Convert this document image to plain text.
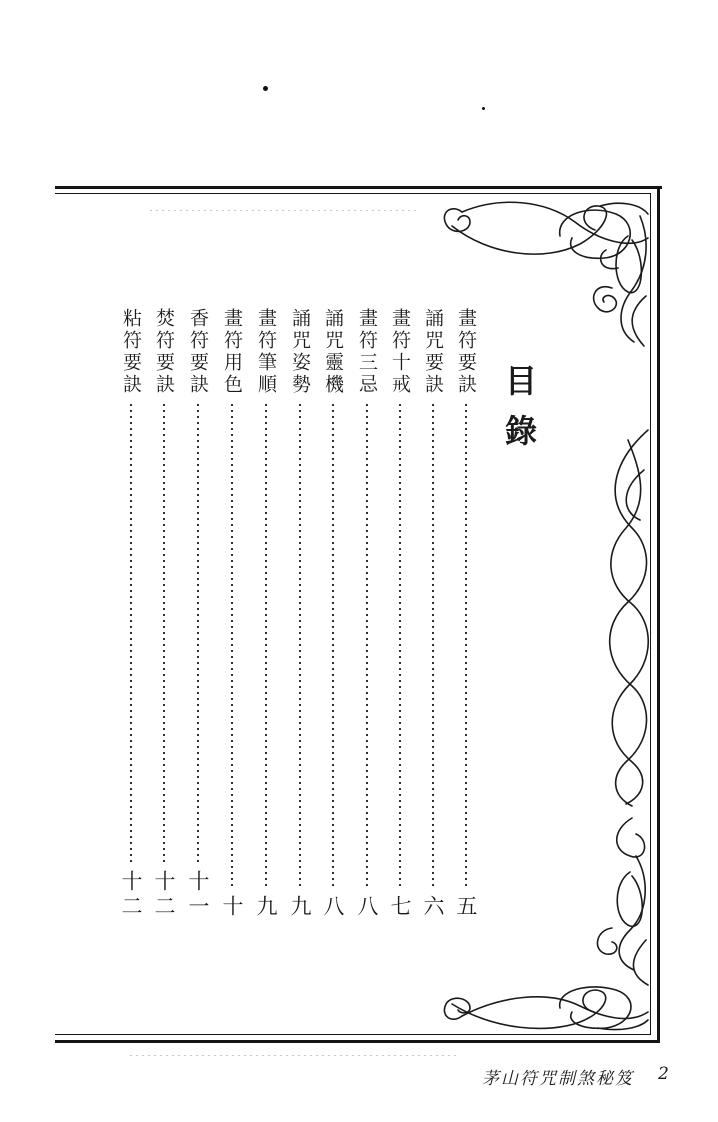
目錄
畫符要訣
五
誦咒要訣
六
畫符十戒
七
畫符三忌
八
誦咒靈機
八
誦咒姿勢
九
畫符筆順
九
畫符用色
十
香符要訣
十一
焚符要訣
十二
粘符要訣
十二
茅山符咒制煞秘笈 2
